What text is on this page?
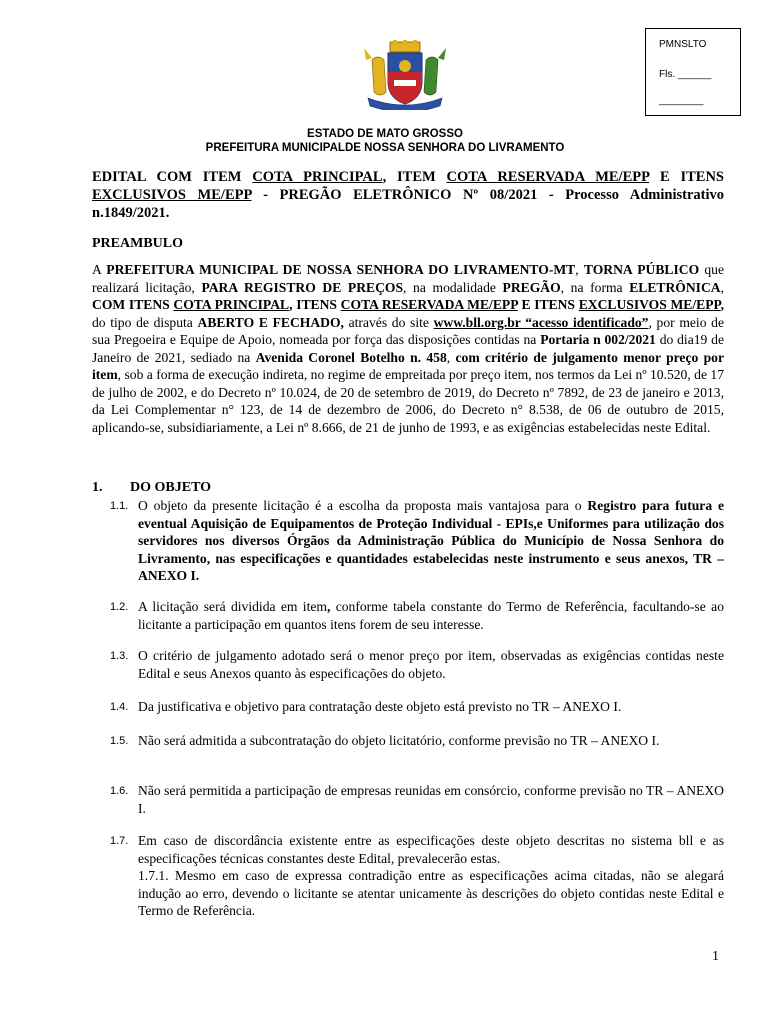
PMNSLTO
Fls. ______
________
ESTADO DE MATO GROSSO
PREFEITURA MUNICIPALDE NOSSA SENHORA DO LIVRAMENTO
EDITAL COM ITEM COTA PRINCIPAL, ITEM COTA RESERVADA ME/EPP E ITENS EXCLUSIVOS ME/EPP - PREGÃO ELETRÔNICO Nº 08/2021 - Processo Administrativo n.1849/2021.
PREAMBULO
A PREFEITURA MUNICIPAL DE NOSSA SENHORA DO LIVRAMENTO-MT, TORNA PÚBLICO que realizará licitação, PARA REGISTRO DE PREÇOS, na modalidade PREGÃO, na forma ELETRÔNICA, COM ITENS COTA PRINCIPAL, ITENS COTA RESERVADA ME/EPP E ITENS EXCLUSIVOS ME/EPP, do tipo de disputa ABERTO E FECHADO, através do site www.bll.org.br “acesso identificado”, por meio de sua Pregoeira e Equipe de Apoio, nomeada por força das disposições contidas na Portaria n 002/2021 do dia19 de Janeiro de 2021, sediado na Avenida Coronel Botelho n. 458, com critério de julgamento menor preço por item, sob a forma de execução indireta, no regime de empreitada por preço item, nos termos da Lei nº 10.520, de 17 de julho de 2002, e do Decreto nº 10.024, de 20 de setembro de 2019, do Decreto nº 7892, de 23 de janeiro e 2013, da Lei Complementar n° 123, de 14 de dezembro de 2006, do Decreto n° 8.538, de 06 de outubro de 2015, aplicando-se, subsidiariamente, a Lei nº 8.666, de 21 de junho de 1993, e as exigências estabelecidas neste Edital.
1. DO OBJETO
1.1. O objeto da presente licitação é a escolha da proposta mais vantajosa para o Registro para futura e eventual Aquisição de Equipamentos de Proteção Individual - EPIs,e Uniformes para utilização dos servidores nos diversos Órgãos da Administração Pública do Município de Nossa Senhora do Livramento, nas especificações e quantidades estabelecidas neste instrumento e seus anexos, TR – ANEXO I.
1.2. A licitação será dividida em item, conforme tabela constante do Termo de Referência, facultando-se ao licitante a participação em quantos itens forem de seu interesse.
1.3. O critério de julgamento adotado será o menor preço por item, observadas as exigências contidas neste Edital e seus Anexos quanto às especificações do objeto.
1.4. Da justificativa e objetivo para contratação deste objeto está previsto no TR – ANEXO I.
1.5. Não será admitida a subcontratação do objeto licitatório, conforme previsão no TR – ANEXO I.
1.6. Não será permitida a participação de empresas reunidas em consórcio, conforme previsão no TR – ANEXO I.
1.7. Em caso de discordância existente entre as especificações deste objeto descritas no sistema bll e as especificações técnicas constantes deste Edital, prevalecerão estas.
1.7.1. Mesmo em caso de expressa contradição entre as especificações acima citadas, não se alegará indução ao erro, devendo o licitante se atentar unicamente às descrições do objeto contidas neste Edital e Termo de Referência.
1
